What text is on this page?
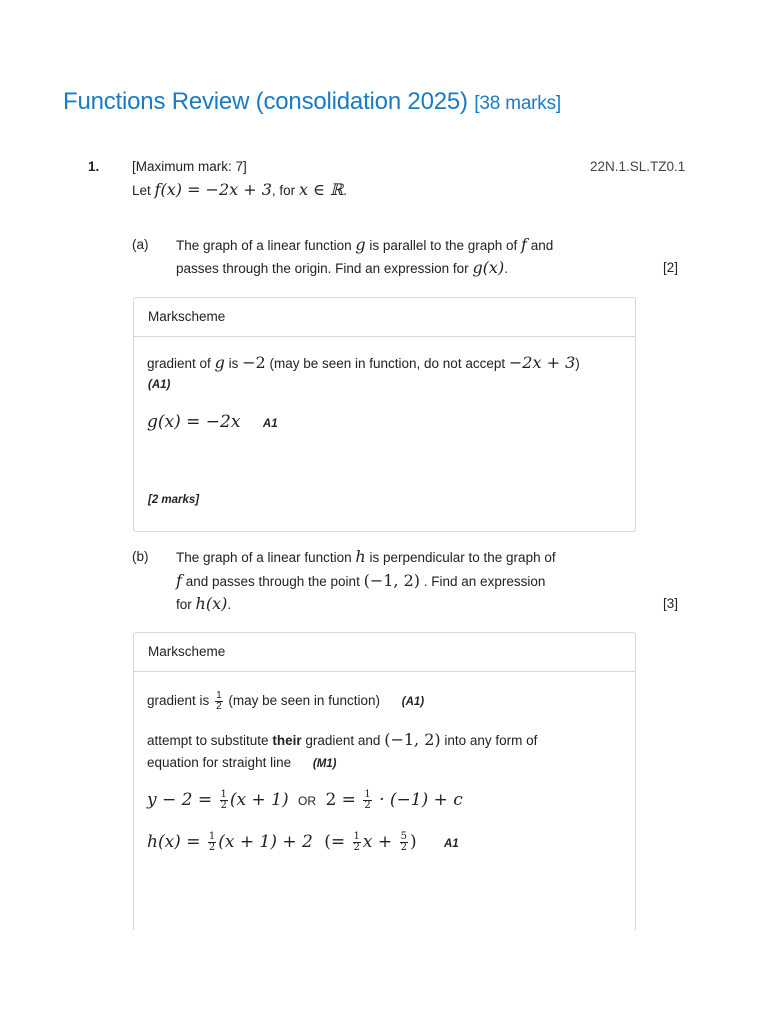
Functions Review (consolidation 2025) [38 marks]
1. [Maximum mark: 7]	22N.1.SL.TZ0.1
Let f(x) = −2x + 3, for x ∈ ℝ.
(a) The graph of a linear function g is parallel to the graph of f and
passes through the origin. Find an expression for g(x).	[2]
Markscheme
gradient of g is −2 (may be seen in function, do not accept −2x + 3)
(A1)
g(x) = −2x A1
[2 marks]
(b) The graph of a linear function h is perpendicular to the graph of
f and passes through the point (−1, 2) . Find an expression
for h(x).	[3]
Markscheme
gradient is $\frac{1}{2} (may$ be seen in function) (A1)
attempt to substitute their gradient and (−1, 2) into any form of
equation for straight line (M1)
$y - 2 = \frac{1}{2} (x + 1)$ OR $2 = \frac{1}{2} \cdot (-1) + c$
$h(x) = \frac{1}{2} (x + 1) + 2$ (= $\frac{1}{2}$ $x + \frac{5}{2}$ ) A1
